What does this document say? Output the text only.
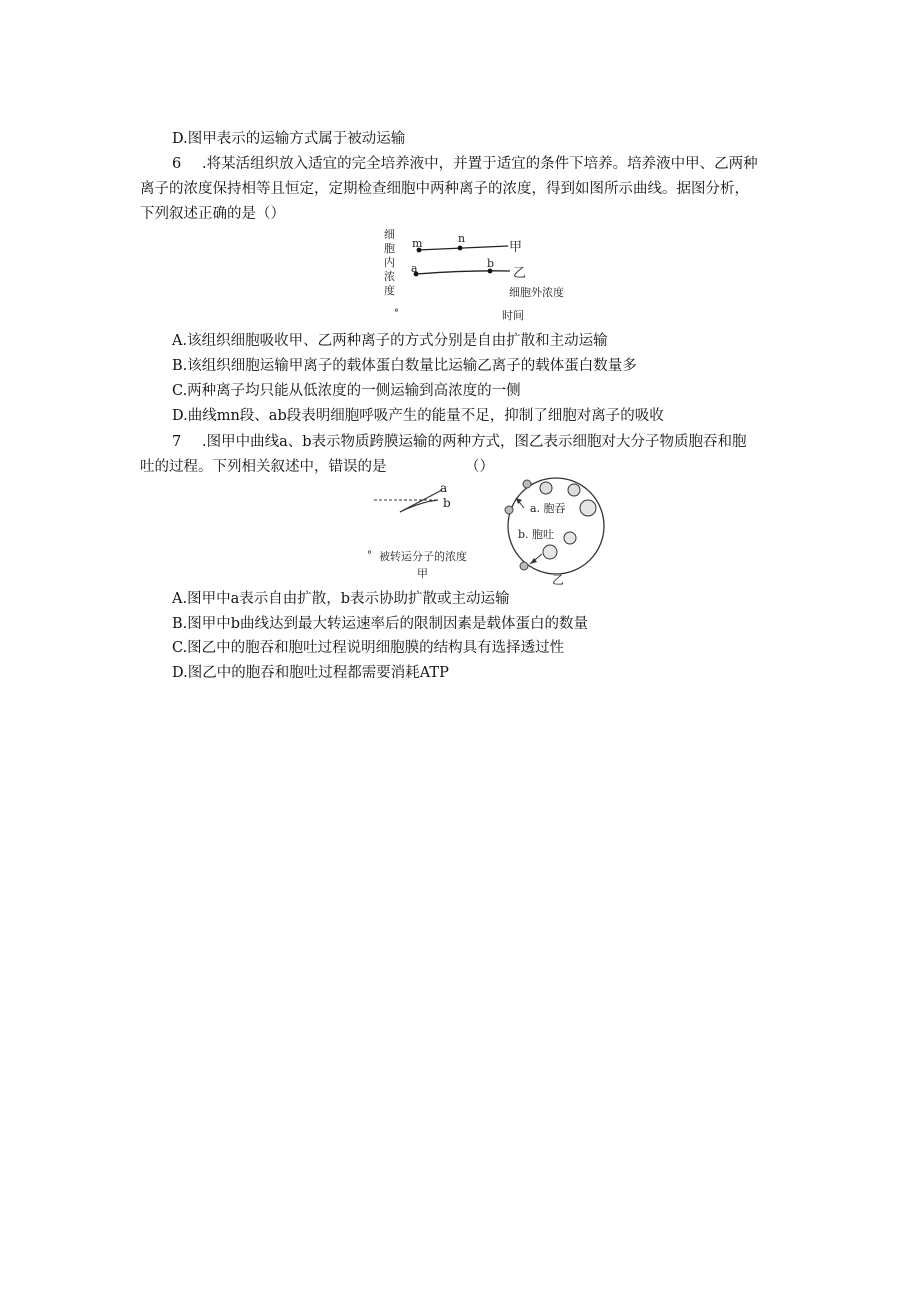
D.图甲表示的运输方式属于被动运输
6 .将某活组织放入适宜的完全培养液中，并置于适宜的条件下培养。培养液中甲、乙两种
离子的浓度保持相等且恒定，定期检查细胞中两种离子的浓度，得到如图所示曲线。据图分析，
下列叙述正确的是（）
细
胞
内
浓
度
m	n
甲
a	b
乙
细胞外浓度
°	时间
A.该组织细胞吸收甲、乙两种离子的方式分别是自由扩散和主动运输
B.该组织细胞运输甲离子的载体蛋白数量比运输乙离子的载体蛋白数量多
C.两种离子均只能从低浓度的一侧运输到高浓度的一侧
D.曲线mn段、ab段表明细胞呼吸产生的能量不足，抑制了细胞对离子的吸收
7 .图甲中曲线a、b表示物质跨膜运输的两种方式，图乙表示细胞对大分子物质胞吞和胞
吐的过程。下列相关叙述中，错误的是	（）
a
b
° 被转运分子的浓度
甲
a. 胞吞
b. 胞吐
乙
A.图甲中a表示自由扩散，b表示协助扩散或主动运输
B.图甲中b曲线达到最大转运速率后的限制因素是载体蛋白的数量
C.图乙中的胞吞和胞吐过程说明细胞膜的结构具有选择透过性
D.图乙中的胞吞和胞吐过程都需要消耗ATP
